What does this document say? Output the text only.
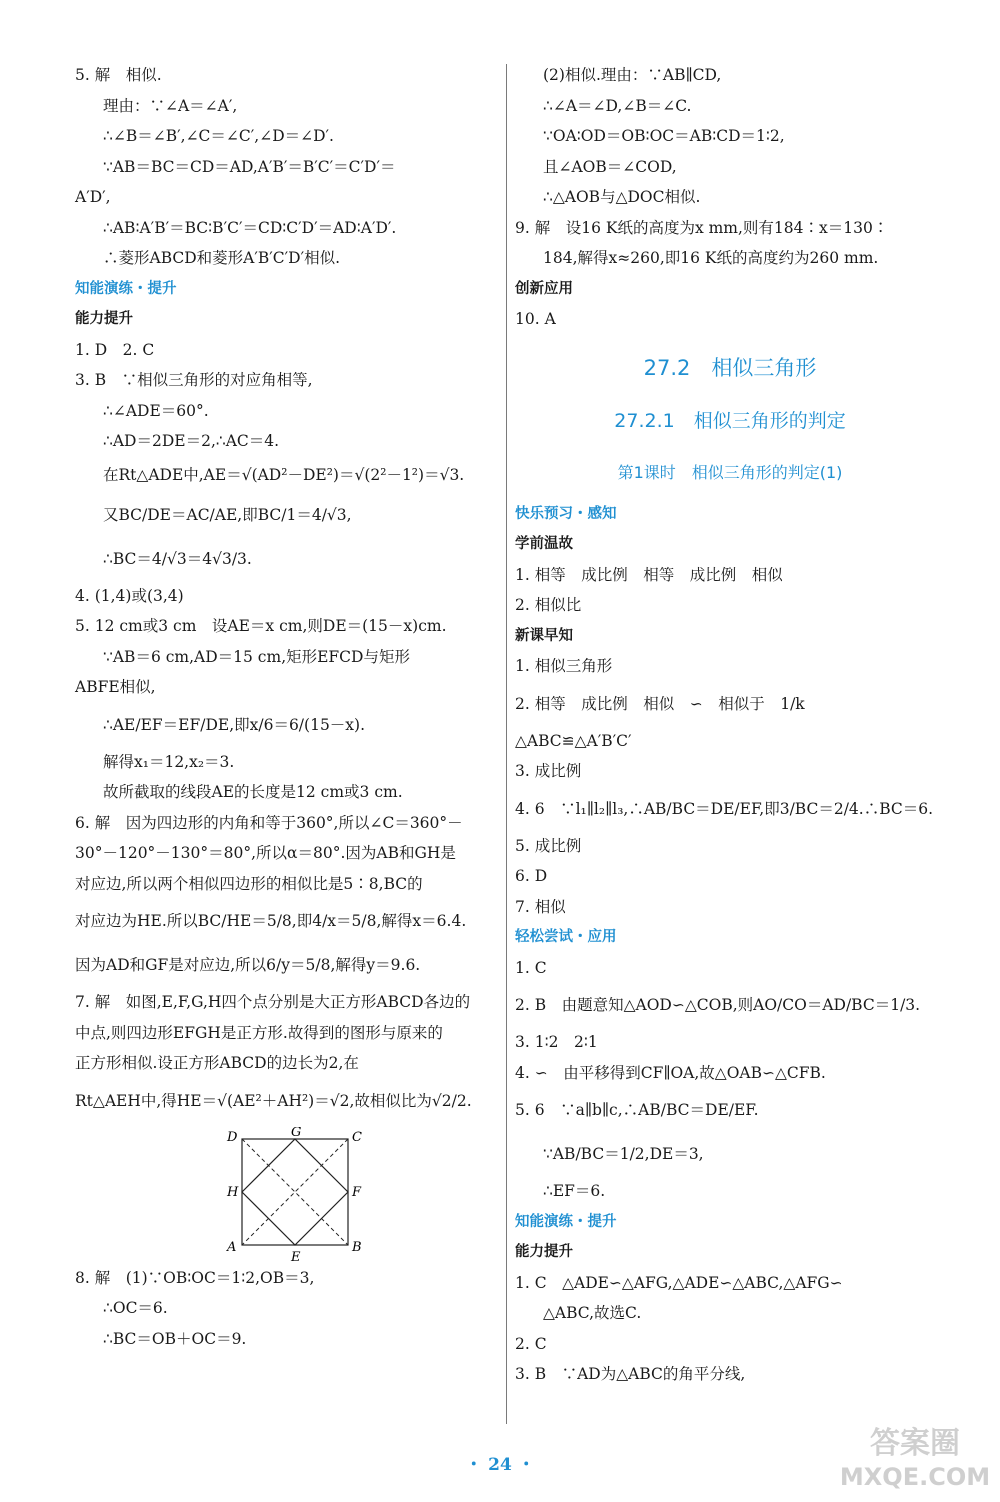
5. 解　相似.
理由：∵∠A＝∠A′,
∴∠B＝∠B′,∠C＝∠C′,∠D＝∠D′.
∵AB＝BC＝CD＝AD,A′B′＝B′C′＝C′D′＝
A′D′,
∴AB∶A′B′＝BC∶B′C′＝CD∶C′D′＝AD∶A′D′.
∴菱形ABCD和菱形A′B′C′D′相似.
知能演练・提升
能力提升
1. D　2. C
3. B　∵相似三角形的对应角相等,
∴∠ADE＝60°.
∴AD＝2DE＝2,∴AC＝4.
在Rt△ADE中,AE＝√(AD²－DE²)＝√(2²－1²)＝√3.
又BC/DE＝AC/AE,即BC/1＝4/√3,
∴BC＝4/√3＝4√3/3.
4. (1,4)或(3,4)
5. 12 cm或3 cm　设AE＝x cm,则DE＝(15－x)cm.
∵AB＝6 cm,AD＝15 cm,矩形EFCD与矩形
ABFE相似,
∴AE/EF＝EF/DE,即x/6＝6/(15－x).
解得x₁＝12,x₂＝3.
故所截取的线段AE的长度是12 cm或3 cm.
6. 解　因为四边形的内角和等于360°,所以∠C＝360°－
30°－120°－130°＝80°,所以α＝80°.因为AB和GH是
对应边,所以两个相似四边形的相似比是5∶8,BC的
对应边为HE.所以BC/HE＝5/8,即4/x＝5/8,解得x＝6.4.
因为AD和GF是对应边,所以6/y＝5/8,解得y＝9.6.
7. 解　如图,E,F,G,H四个点分别是大正方形ABCD各边的
中点,则四边形EFGH是正方形.故得到的图形与原来的
正方形相似.设正方形ABCD的边长为2,在
Rt△AEH中,得HE＝√(AE²＋AH²)＝√2,故相似比为√2/2.
D	G	C
H	F
A
E
B
8. 解　(1)∵OB∶OC＝1∶2,OB＝3,
∴OC＝6.
∴BC＝OB＋OC＝9.
(2)相似.理由：∵AB∥CD,
∴∠A＝∠D,∠B＝∠C.
∵OA∶OD＝OB∶OC＝AB∶CD＝1∶2,
且∠AOB＝∠COD,
∴△AOB与△DOC相似.
9. 解　设16 K纸的高度为x mm,则有184∶x＝130∶
184,解得x≈260,即16 K纸的高度约为260 mm.
创新应用
10. A
27.2　相似三角形
27.2.1　相似三角形的判定
第1课时　相似三角形的判定(1)
快乐预习・感知
学前温故
1. 相等　成比例　相等　成比例　相似
2. 相似比
新课早知
1. 相似三角形
2. 相等　成比例　相似　∽　相似于　1/k
△ABC≌△A′B′C′
3. 成比例
4. 6　∵l₁∥l₂∥l₃,∴AB/BC＝DE/EF,即3/BC＝2/4.∴BC＝6.
5. 成比例
6. D
7. 相似
轻松尝试・应用
1. C
2. B　由题意知△AOD∽△COB,则AO/CO＝AD/BC＝1/3.
3. 1∶2　2∶1
4. ∽　由平移得到CF∥OA,故△OAB∽△CFB.
5. 6　∵a∥b∥c,∴AB/BC＝DE/EF.
∵AB/BC＝1/2,DE＝3,
∴EF＝6.
知能演练・提升
能力提升
1. C　△ADE∽△AFG,△ADE∽△ABC,△AFG∽
△ABC,故选C.
2. C
3. B　∵AD为△ABC的角平分线,
・ 24 ・
答案圈
MXQE.COM
